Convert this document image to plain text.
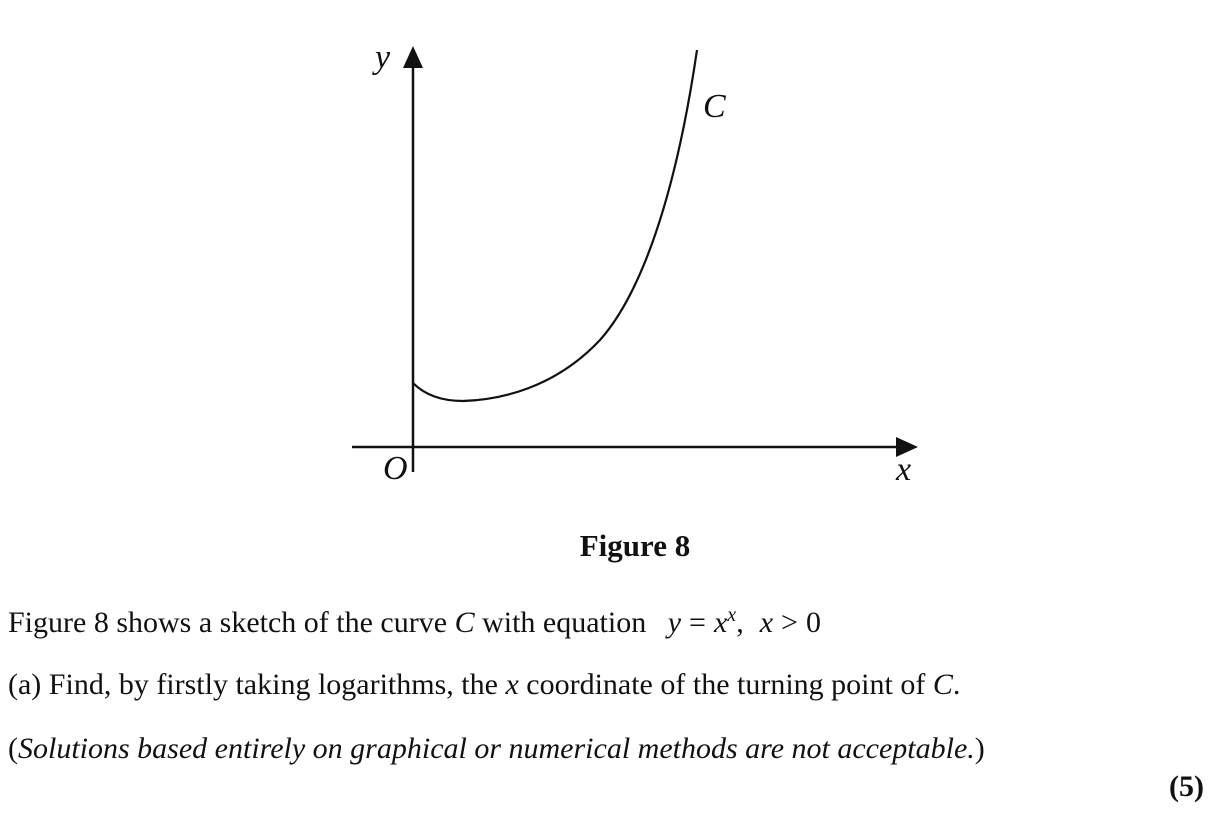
y
x
O
C
Figure 8
Figure 8 shows a sketch of the curve C with equation $y = x^x$, x > 0
(a) Find, by firstly taking logarithms, the x coordinate of the turning point of C.
(Solutions based entirely on graphical or numerical methods are not acceptable.)
(5)
